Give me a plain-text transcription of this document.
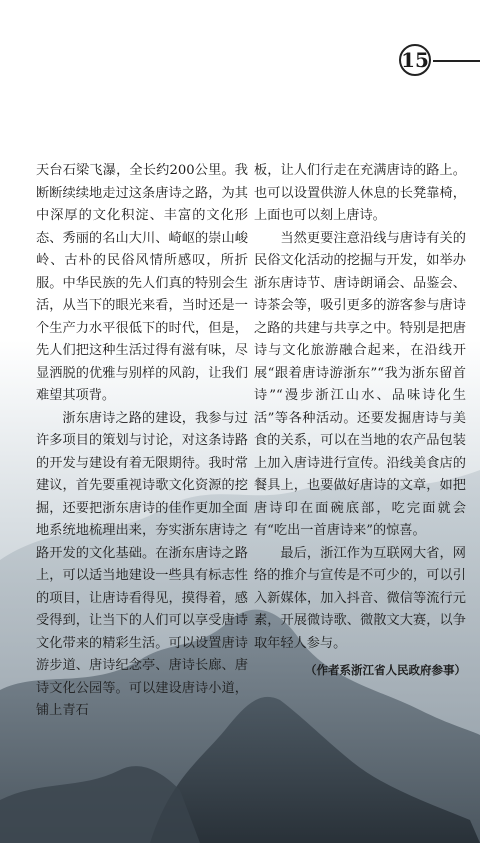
15

天台石梁飞瀑，全长约200公里。我断断续续地走过这条唐诗之路，为其中深厚的文化积淀、丰富的文化形态、秀丽的名山大川、崎岖的崇山峻岭、古朴的民俗风情所感叹，所折服。中华民族的先人们真的特别会生活，从当下的眼光来看，当时还是一个生产力水平很低下的时代，但是，先人们把这种生活过得有滋有味，尽显洒脱的优雅与别样的风韵，让我们难望其项背。

浙东唐诗之路的建设，我参与过许多项目的策划与讨论，对这条诗路的开发与建设有着无限期待。我时常建议，首先要重视诗歌文化资源的挖掘，还要把浙东唐诗的佳作更加全面地系统地梳理出来，夯实浙东唐诗之路开发的文化基础。在浙东唐诗之路上，可以适当地建设一些具有标志性的项目，让唐诗看得见，摸得着，感受得到，让当下的人们可以享受唐诗文化带来的精彩生活。可以设置唐诗游步道、唐诗纪念亭、唐诗长廊、唐诗文化公园等。可以建设唐诗小道，铺上青石

板，让人们行走在充满唐诗的路上。也可以设置供游人休息的长凳靠椅，上面也可以刻上唐诗。

当然更要注意沿线与唐诗有关的民俗文化活动的挖掘与开发，如举办浙东唐诗节、唐诗朗诵会、品鉴会、诗茶会等，吸引更多的游客参与唐诗之路的共建与共享之中。特别是把唐诗与文化旅游融合起来，在沿线开展“跟着唐诗游浙东”“我为浙东留首诗”“漫步浙江山水、品味诗化生活”等各种活动。还要发掘唐诗与美食的关系，可以在当地的农产品包装上加入唐诗进行宣传。沿线美食店的餐具上，也要做好唐诗的文章，如把唐诗印在面碗底部，吃完面就会有“吃出一首唐诗来”的惊喜。

最后，浙江作为互联网大省，网络的推介与宣传是不可少的，可以引入新媒体，加入抖音、微信等流行元素，开展微诗歌、微散文大赛，以争取年轻人参与。

（作者系浙江省人民政府参事）
